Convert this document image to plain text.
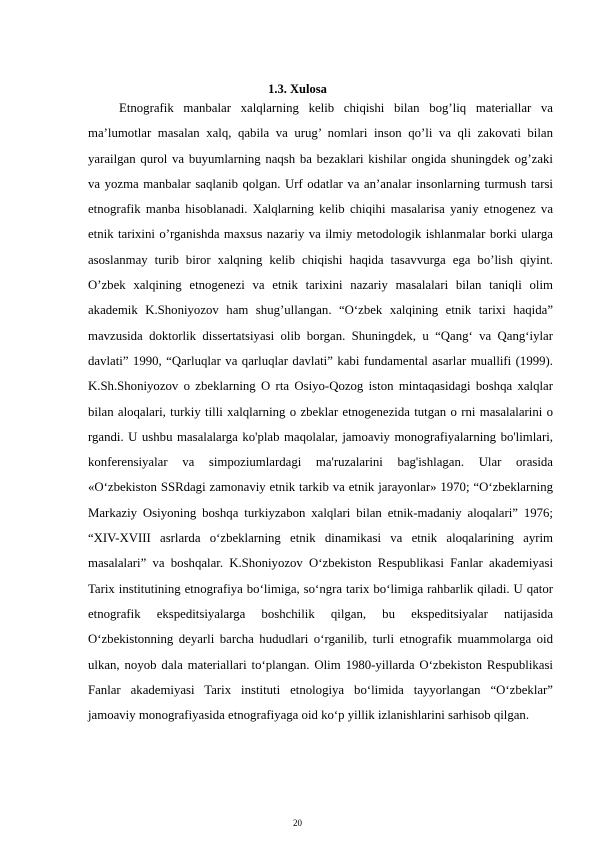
1.3. Xulosa

Etnografik manbalar xalqlarning kelib chiqishi bilan bog’liq materiallar va ma’lumotlar masalan xalq, qabila va urug’ nomlari inson qo’li va qli zakovati bilan yarailgan qurol va buyumlarning naqsh ba bezaklari kishilar ongida shuningdek og’zaki va yozma manbalar saqlanib qolgan. Urf odatlar va an’analar insonlarning turmush tarsi etnografik manba hisoblanadi. Xalqlarning kelib chiqihi masalarisa yaniy etnogenez va etnik tarixini o’rganishda maxsus nazariy va ilmiy metodologik ishlanmalar borki ularga asoslanmay turib biror xalqning kelib chiqishi haqida tasavvurga ega bo’lish qiyint. O’zbek xalqining etnogenezi va etnik tarixini nazariy masalalari bilan taniqli olim akademik K.Shoniyozov ham shug’ullangan. “O‘zbek xalqining etnik tarixi haqida” mavzusida doktorlik dissertatsiyasi olib borgan. Shuningdek, u “Qang‘ va Qang‘iylar davlati” 1990, “Qarluqlar va qarluqlar davlati” kabi fundamental asarlar muallifi (1999). K.Sh.Shoniyozov o zbeklarning O rta Osiyo-Qozog iston mintaqasidagi boshqa xalqlar bilan aloqalari, turkiy tilli xalqlarning o zbeklar etnogenezida tutgan o rni masalalarini o rgandi. U ushbu masalalarga ko'plab maqolalar, jamoaviy monografiyalarning bo'limlari, konferensiyalar va simpoziumlardagi ma'ruzalarini bag'ishlagan. Ular orasida «O‘zbekiston SSRdagi zamonaviy etnik tarkib va etnik jarayonlar» 1970; “O‘zbeklarning Markaziy Osiyoning boshqa turkiyzabon xalqlari bilan etnik-madaniy aloqalari” 1976; “XIV-XVIII asrlarda o‘zbeklarning etnik dinamikasi va etnik aloqalarining ayrim masalalari” va boshqalar. K.Shoniyozov O‘zbekiston Respublikasi Fanlar akademiyasi Tarix institutining etnografiya bo‘limiga, so‘ngra tarix bo‘limiga rahbarlik qiladi. U qator etnografik ekspeditsiyalarga boshchilik qilgan, bu ekspeditsiyalar natijasida O‘zbekistonning deyarli barcha hududlari o‘rganilib, turli etnografik muammolarga oid ulkan, noyob dala materiallari to‘plangan. Olim 1980-yillarda O‘zbekiston Respublikasi Fanlar akademiyasi Tarix instituti etnologiya bo‘limida tayyorlangan “O‘zbeklar” jamoaviy monografiyasida etnografiyaga oid ko‘p yillik izlanishlarini sarhisob qilgan.

20
